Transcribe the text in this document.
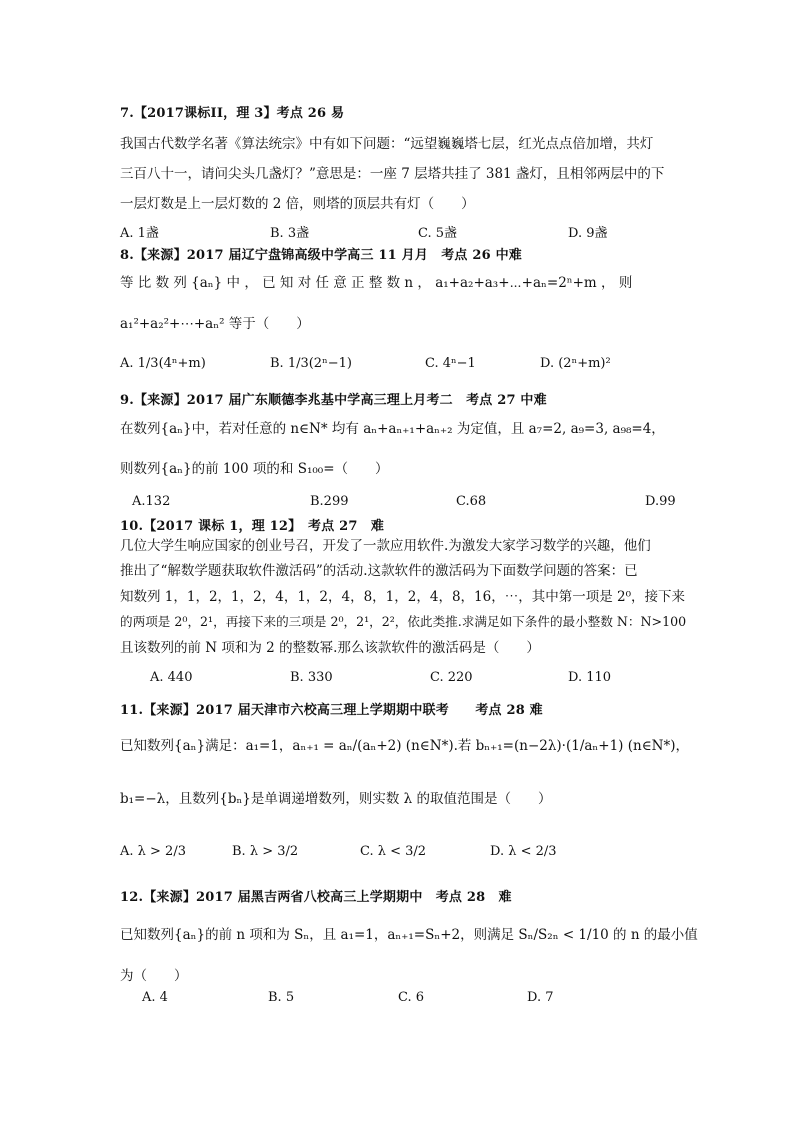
7.【2017课标II，理 3】考点 26 易
我国古代数学名著《算法统宗》中有如下问题：“远望巍巍塔七层，红光点点倍加增，共灯
三百八十一，请问尖头几盏灯？”意思是：一座 7 层塔共挂了 381 盏灯，且相邻两层中的下
一层灯数是上一层灯数的 2 倍，则塔的顶层共有灯（　　）
A. 1盏	B. 3盏	C. 5盏	D. 9盏
8.【来源】2017 届辽宁盘锦高级中学高三 11 月月　考点 26 中难
等 比 数 列 {aₙ} 中 ， 已 知 对 任 意 正 整 数 n ， a₁+a₂+a₃+⋯+aₙ=2ⁿ+m ， 则
a₁²+a₂²+⋯+aₙ² 等于（　　）
A. 1/3(4ⁿ+m)	B. 1/3(2ⁿ−1)	C. 4ⁿ−1	D. (2ⁿ+m)²
9.【来源】2017 届广东顺德李兆基中学高三理上月考二　考点 27 中难
在数列{aₙ}中，若对任意的 n∈N* 均有 aₙ+aₙ₊₁+aₙ₊₂ 为定值，且 a₇=2, a₉=3, a₉₈=4，
则数列{aₙ}的前 100 项的和 S₁₀₀=（　　）
A.132	B.299	C.68	D.99
10.【2017 课标 1，理 12】　考点 27　难
几位大学生响应国家的创业号召，开发了一款应用软件.为激发大家学习数学的兴趣，他们
推出了“解数学题获取软件激活码”的活动.这款软件的激活码为下面数学问题的答案：已
知数列 1，1，2，1，2，4，1，2，4，8，1，2，4，8，16，⋯，其中第一项是 2⁰，接下来
的两项是 2⁰，2¹，再接下来的三项是 2⁰，2¹，2²，依此类推.求满足如下条件的最小整数 N：N>100
且该数列的前 N 项和为 2 的整数幂.那么该款软件的激活码是（　　）
A. 440	B. 330	C. 220	D. 110
11.【来源】2017 届天津市六校高三理上学期期中联考　　考点 28 难
已知数列{aₙ}满足：a₁=1，aₙ₊₁ = aₙ/(aₙ+2) (n∈N*).若 bₙ₊₁=(n−2λ)·(1/aₙ+1) (n∈N*)，
b₁=−λ，且数列{bₙ}是单调递增数列，则实数 λ 的取值范围是（　　）
A. λ > 2/3	B. λ > 3/2	C. λ < 3/2	D. λ < 2/3
12.【来源】2017 届黑吉两省八校高三上学期期中　考点 28　难
已知数列{aₙ}的前 n 项和为 Sₙ，且 a₁=1，aₙ₊₁=Sₙ+2，则满足 Sₙ/S₂ₙ < 1/10 的 n 的最小值
为（　　）
A. 4	B. 5	C. 6	D. 7
